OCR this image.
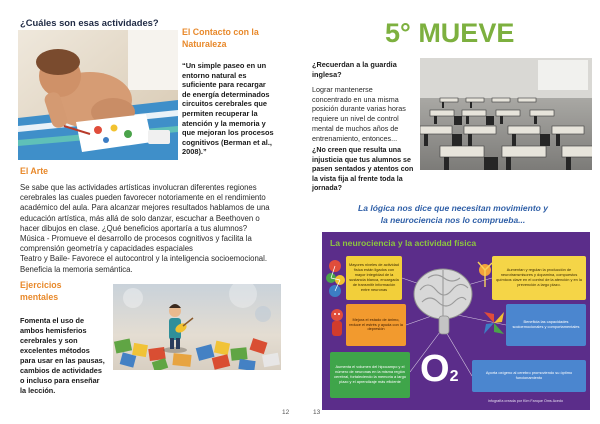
¿Cuáles son esas actividades?
El Contacto con la
Naturaleza
“Un simple paseo en un
entorno natural es
suficiente para recargar
de energía determinados
circuitos cerebrales que
permiten recuperar la
atención y la memoria y
que mejoran los procesos
cognitivos (Berman et al.,
2008).”
El Arte
Se sabe que las actividades artísticas involucran diferentes regiones
cerebrales las cuales pueden favorecer notoriamente en el rendimiento
académico del aula. Para alcanzar mejores resultados hablamos de una
educación artística, más allá de solo danzar, escuchar a Beethoven o
hacer dibujos en clase. ¿Qué beneficios aportaría a tus alumnos?
Música - Promueve el desarrollo de procesos cognitivos y facilita la
comprensión geometría y capacidades espaciales
Teatro y Baile- Favorece el autocontrol y la inteligencia socioemocional.
Beneficia la memoria semántica.
Ejercicios
mentales
Fomenta el uso de
ambos hemisferios
cerebrales y son
excelentes métodos
para usar en las pausas,
cambios de actividades
o incluso para enseñar
la lección.
12
5° MUEVE
¿Recuerdan a la guardia
inglesa?
Lograr mantenerse
concentrado en una misma
posición durante varias horas
requiere un nivel de control
mental de muchos años de
entrenamiento, entonces...
¿No creen que resulta una
injusticia que tus alumnos se
pasen sentados y atentos con
la vista fija al frente toda la
jornada?
La lógica nos dice que necesitan movimiento y
la neurociencia nos lo comprueba...
La neurociencia y la actividad física
Mayores niveles de actividad física están ligados con mayor integridad de la sustancia blanca, encargada de transmitir información entre neuronas
Aumentan y regulan la producción de neurotransmisores y dopamina, compuestos químicos clave en el control de la atención y en la prevención a largo plazo.
Mejora el estado de ánimo, reduce el estrés y ayuda con la depresión
Beneficia las capacidades socioemocionales y comportamentales
Aumenta el volumen del hipocampo y el número de neuronas en la misma región cerebral, fortaleciendo la memoria a largo plazo y el aprendizaje más eficiente O2	Aporta oxígeno al cerebro promoviendo su óptimo funcionamiento
infografía creada por Kim Fanque Oms Acedo
13
